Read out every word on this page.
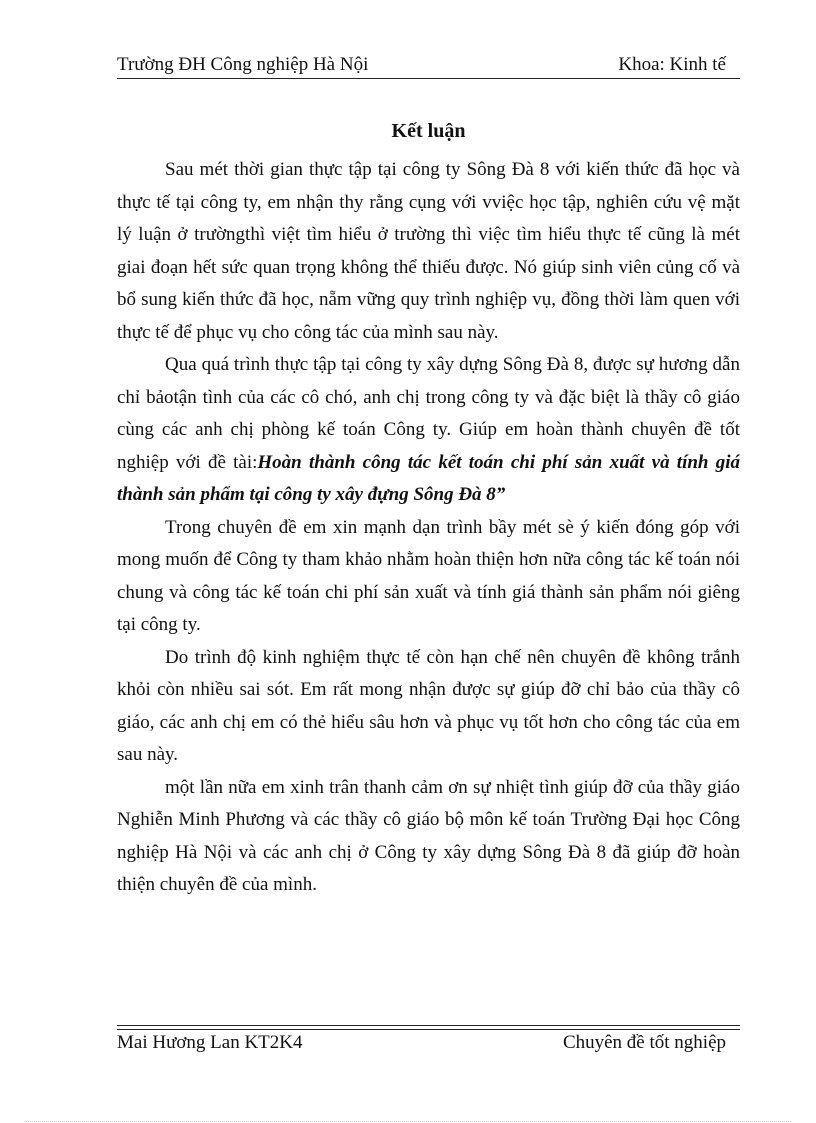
Trường ĐH Công nghiệp Hà Nội	Khoa: Kinh tế
Kết luận

Sau mét thời gian thực tập tại công ty Sông Đà 8 với kiến thức đã học và thực tế tại công ty, em nhận thy rằng cụng với vviệc học tập, nghiên cứu vệ mặt lý luận ở trườngthì việt tìm hiểu ở trường thì việc tìm hiểu thực tế cũng là mét giai đoạn hết sức quan trọng không thể thiếu được. Nó giúp sinh viên củng cố và bổ sung kiến thức đã học, nẵm vững quy trình nghiệp vụ, đồng thời làm quen với thực tế để phục vụ cho công tác của mình sau này.

Qua quá trình thực tập tại công ty xây dựng Sông Đà 8, được sự hương dẫn chỉ bảotận tình của các cô chó, anh chị trong công ty và đặc biệt là thầy cô giáo cùng các anh chị phòng kế toán Công ty. Giúp em hoàn thành chuyên đề tốt nghiệp với đề tài:Hoàn thành công tác kết toán chi phí sản xuất và tính giá thành sản phẩm tại công ty xây đựng Sông Đà 8”

Trong chuyên đề em xin mạnh dạn trình bầy mét sè ý kiến đóng góp với mong muốn để Công ty tham khảo nhằm hoàn thiện hơn nữa công tác kế toán nói chung và công tác kế toán chi phí sản xuất và tính giá thành sản phẩm nói giêng tại công ty.

Do trình độ kinh nghiệm thực tế còn hạn chế nên chuyên đề không trắnh khỏi còn nhiều sai sót. Em rất mong nhận được sự giúp đỡ chỉ bảo của thầy cô giáo, các anh chị em có thẻ hiểu sâu hơn và phục vụ tốt hơn cho công tác của em sau này.

một lần nữa em xinh trân thanh cảm ơn sự nhiệt tình giúp đỡ của thầy giáo Nghiễn Minh Phương và các thầy cô giáo bộ môn kế toán Trường Đại học Công nghiệp Hà Nội và các anh chị ở Công ty xây dựng Sông Đà 8 đã giúp đỡ hoàn thiện chuyên đề của mình.

Mai Hương Lan KT2K4	Chuyên đề tốt nghiệp
